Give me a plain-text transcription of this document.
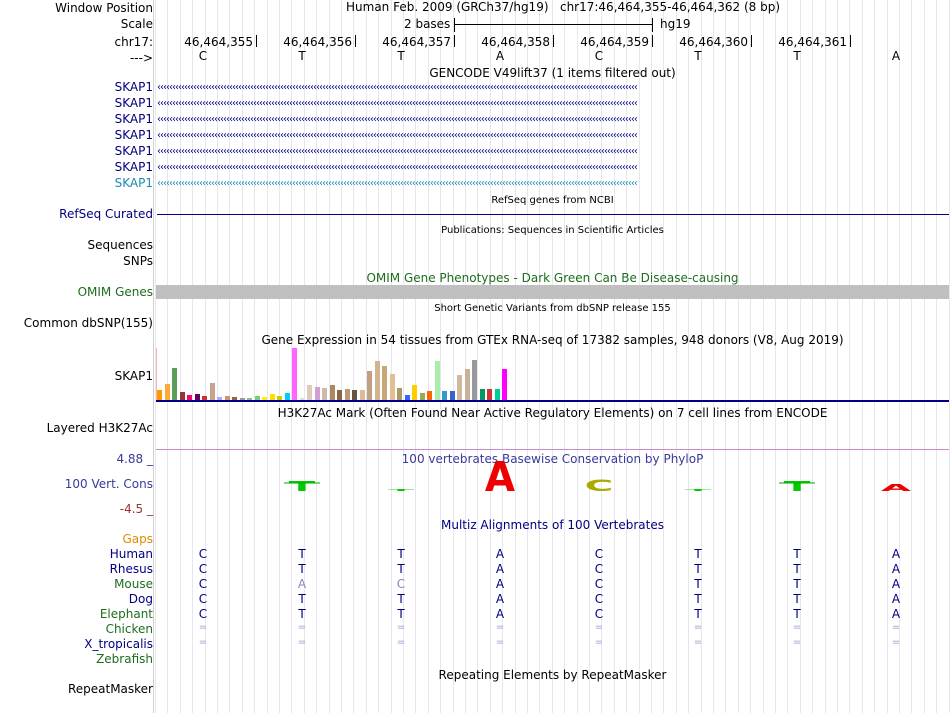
Window Position
Scale
chr17:
--->
Human Feb. 2009 (GRCh37/hg19) chr17:46,464,355-46,464,362 (8 bp)
2 bases	hg19
46,464,355	46,464,356	46,464,357	46,464,358	46,464,359	46,464,360	46,464,361
C	T	T	A	C	T	T	A
GENCODE V49lift37 (1 items filtered out)
SKAP1 ‹‹‹‹‹‹‹‹‹‹‹‹‹‹‹‹‹‹‹‹‹‹‹‹‹‹‹‹‹‹‹‹‹‹‹‹‹‹‹‹‹‹‹‹‹‹‹‹‹‹‹‹‹‹‹‹‹‹‹‹‹‹‹‹‹‹‹‹‹‹‹‹‹‹‹‹‹‹‹‹‹‹‹‹‹‹‹‹‹‹‹‹‹‹‹‹‹‹‹‹‹‹‹‹‹‹‹‹‹‹‹‹‹‹‹‹‹‹‹‹‹‹‹‹‹‹‹‹‹‹‹‹‹‹‹‹‹‹‹‹‹‹‹‹‹‹‹‹‹‹‹‹‹‹‹‹‹‹‹‹
SKAP1 ‹‹‹‹‹‹‹‹‹‹‹‹‹‹‹‹‹‹‹‹‹‹‹‹‹‹‹‹‹‹‹‹‹‹‹‹‹‹‹‹‹‹‹‹‹‹‹‹‹‹‹‹‹‹‹‹‹‹‹‹‹‹‹‹‹‹‹‹‹‹‹‹‹‹‹‹‹‹‹‹‹‹‹‹‹‹‹‹‹‹‹‹‹‹‹‹‹‹‹‹‹‹‹‹‹‹‹‹‹‹‹‹‹‹‹‹‹‹‹‹‹‹‹‹‹‹‹‹‹‹‹‹‹‹‹‹‹‹‹‹‹‹‹‹‹‹‹‹‹‹‹‹‹‹‹‹‹‹‹‹
SKAP1 ‹‹‹‹‹‹‹‹‹‹‹‹‹‹‹‹‹‹‹‹‹‹‹‹‹‹‹‹‹‹‹‹‹‹‹‹‹‹‹‹‹‹‹‹‹‹‹‹‹‹‹‹‹‹‹‹‹‹‹‹‹‹‹‹‹‹‹‹‹‹‹‹‹‹‹‹‹‹‹‹‹‹‹‹‹‹‹‹‹‹‹‹‹‹‹‹‹‹‹‹‹‹‹‹‹‹‹‹‹‹‹‹‹‹‹‹‹‹‹‹‹‹‹‹‹‹‹‹‹‹‹‹‹‹‹‹‹‹‹‹‹‹‹‹‹‹‹‹‹‹‹‹‹‹‹‹‹‹‹‹
SKAP1 ‹‹‹‹‹‹‹‹‹‹‹‹‹‹‹‹‹‹‹‹‹‹‹‹‹‹‹‹‹‹‹‹‹‹‹‹‹‹‹‹‹‹‹‹‹‹‹‹‹‹‹‹‹‹‹‹‹‹‹‹‹‹‹‹‹‹‹‹‹‹‹‹‹‹‹‹‹‹‹‹‹‹‹‹‹‹‹‹‹‹‹‹‹‹‹‹‹‹‹‹‹‹‹‹‹‹‹‹‹‹‹‹‹‹‹‹‹‹‹‹‹‹‹‹‹‹‹‹‹‹‹‹‹‹‹‹‹‹‹‹‹‹‹‹‹‹‹‹‹‹‹‹‹‹‹‹‹‹‹‹
SKAP1 ‹‹‹‹‹‹‹‹‹‹‹‹‹‹‹‹‹‹‹‹‹‹‹‹‹‹‹‹‹‹‹‹‹‹‹‹‹‹‹‹‹‹‹‹‹‹‹‹‹‹‹‹‹‹‹‹‹‹‹‹‹‹‹‹‹‹‹‹‹‹‹‹‹‹‹‹‹‹‹‹‹‹‹‹‹‹‹‹‹‹‹‹‹‹‹‹‹‹‹‹‹‹‹‹‹‹‹‹‹‹‹‹‹‹‹‹‹‹‹‹‹‹‹‹‹‹‹‹‹‹‹‹‹‹‹‹‹‹‹‹‹‹‹‹‹‹‹‹‹‹‹‹‹‹‹‹‹‹‹‹
SKAP1 ‹‹‹‹‹‹‹‹‹‹‹‹‹‹‹‹‹‹‹‹‹‹‹‹‹‹‹‹‹‹‹‹‹‹‹‹‹‹‹‹‹‹‹‹‹‹‹‹‹‹‹‹‹‹‹‹‹‹‹‹‹‹‹‹‹‹‹‹‹‹‹‹‹‹‹‹‹‹‹‹‹‹‹‹‹‹‹‹‹‹‹‹‹‹‹‹‹‹‹‹‹‹‹‹‹‹‹‹‹‹‹‹‹‹‹‹‹‹‹‹‹‹‹‹‹‹‹‹‹‹‹‹‹‹‹‹‹‹‹‹‹‹‹‹‹‹‹‹‹‹‹‹‹‹‹‹‹‹‹‹
SKAP1 ‹‹‹‹‹‹‹‹‹‹‹‹‹‹‹‹‹‹‹‹‹‹‹‹‹‹‹‹‹‹‹‹‹‹‹‹‹‹‹‹‹‹‹‹‹‹‹‹‹‹‹‹‹‹‹‹‹‹‹‹‹‹‹‹‹‹‹‹‹‹‹‹‹‹‹‹‹‹‹‹‹‹‹‹‹‹‹‹‹‹‹‹‹‹‹‹‹‹‹‹‹‹‹‹‹‹‹‹‹‹‹‹‹‹‹‹‹‹‹‹‹‹‹‹‹‹‹‹‹‹‹‹‹‹‹‹‹‹‹‹‹‹‹‹‹‹‹‹‹‹‹‹‹‹‹‹‹‹‹‹
RefSeq genes from NCBI
RefSeq Curated
Publications: Sequences in Scientific Articles
Sequences
SNPs
OMIM Gene Phenotypes - Dark Green Can Be Disease-causing
OMIM Genes
Short Genetic Variants from dbSNP release 155
Common dbSNP(155)
Gene Expression in 54 tissues from GTEx RNA-seq of 17382 samples, 948 donors (V8, Aug 2019)
SKAP1
H3K27Ac Mark (Often Found Near Active Regulatory Elements) on 7 cell lines from ENCODE
Layered H3K27Ac
100 vertebrates Basewise Conservation by PhyloP
4.88 _
100 Vert. Cons
-4.5 _
T T A C T T A
Multiz Alignments of 100 Vertebrates
Gaps
Human	C	T	T	A	C	T	T	A
Rhesus	C	T	T	A	C	T	T	A
Mouse	C	A	C	A	C	T	T	A
Dog	C	T	T	A	C	T	T	A
Elephant	C	T	T	A	C	T	T	A
Chicken	=	=	=	=	=	=	=	=
X_tropicalis	=	=	=	=	=	=	=	=
Zebrafish
Repeating Elements by RepeatMasker
RepeatMasker
